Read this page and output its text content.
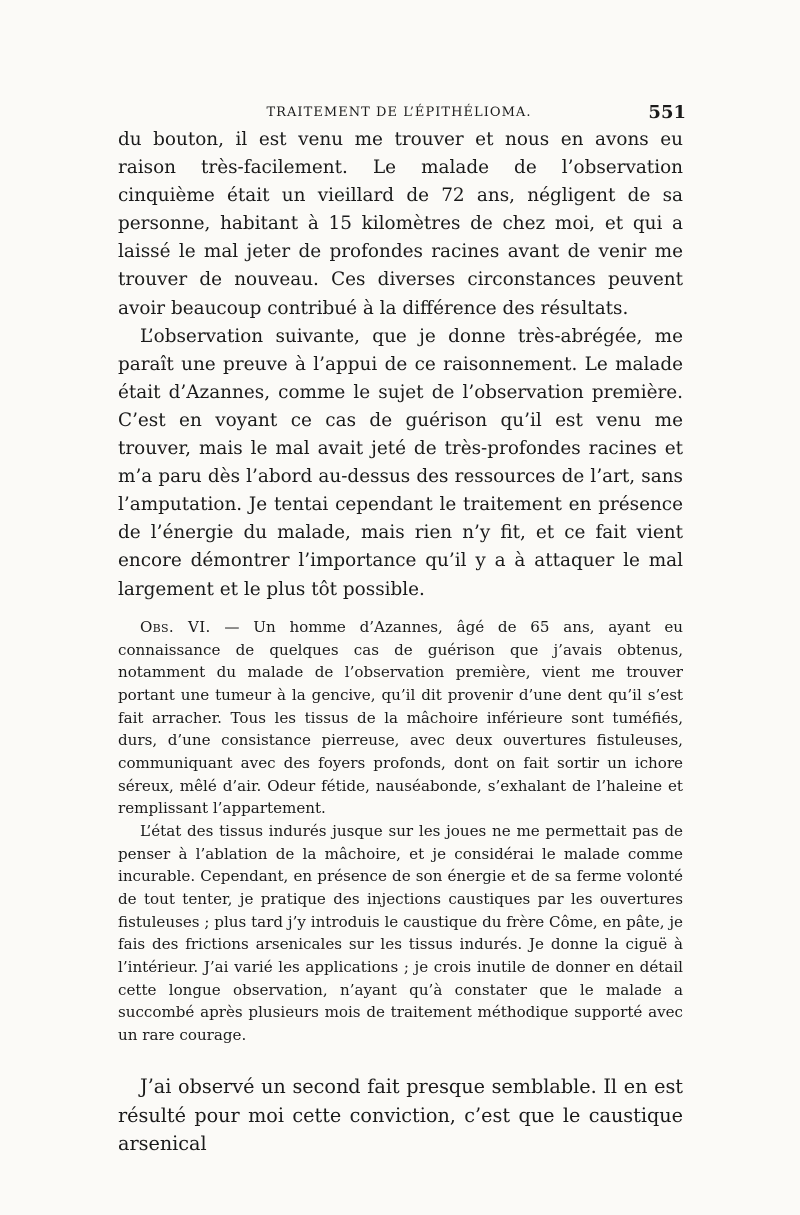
TRAITEMENT DE L’ÉPITHÉLIOMA.	551

du bouton, il est venu me trouver et nous en avons eu raison très-facilement. Le malade de l’observation cinquième était un vieillard de 72 ans, négligent de sa personne, habitant à 15 kilomètres de chez moi, et qui a laissé le mal jeter de profondes racines avant de venir me trouver de nouveau. Ces diverses circonstances peuvent avoir beaucoup contribué à la différence des résultats.

L’observation suivante, que je donne très-abrégée, me paraît une preuve à l’appui de ce raisonnement. Le malade était d’Azannes, comme le sujet de l’observation première. C’est en voyant ce cas de guérison qu’il est venu me trouver, mais le mal avait jeté de très-profondes racines et m’a paru dès l’abord au-dessus des ressources de l’art, sans l’amputation. Je tentai cependant le traitement en présence de l’énergie du malade, mais rien n’y fit, et ce fait vient encore démontrer l’importance qu’il y a à attaquer le mal largement et le plus tôt possible.

Obs. VI. — Un homme d’Azannes, âgé de 65 ans, ayant eu connaissance de quelques cas de guérison que j’avais obtenus, notamment du malade de l’observation première, vient me trouver portant une tumeur à la gencive, qu’il dit provenir d’une dent qu’il s’est fait arracher. Tous les tissus de la mâchoire inférieure sont tuméfiés, durs, d’une consistance pierreuse, avec deux ouvertures fistuleuses, communiquant avec des foyers profonds, dont on fait sortir un ichore séreux, mêlé d’air. Odeur fétide, nauséabonde, s’exhalant de l’haleine et remplissant l’appartement.

L’état des tissus indurés jusque sur les joues ne me permettait pas de penser à l’ablation de la mâchoire, et je considérai le malade comme incurable. Cependant, en présence de son énergie et de sa ferme volonté de tout tenter, je pratique des injections caustiques par les ouvertures fistuleuses ; plus tard j’y introduis le caustique du frère Côme, en pâte, je fais des frictions arsenicales sur les tissus indurés. Je donne la ciguë à l’intérieur. J’ai varié les applications ; je crois inutile de donner en détail cette longue observation, n’ayant qu’à constater que le malade a succombé après plusieurs mois de traitement méthodique supporté avec un rare courage.

J’ai observé un second fait presque semblable. Il en est résulté pour moi cette conviction, c’est que le caustique arsenical
